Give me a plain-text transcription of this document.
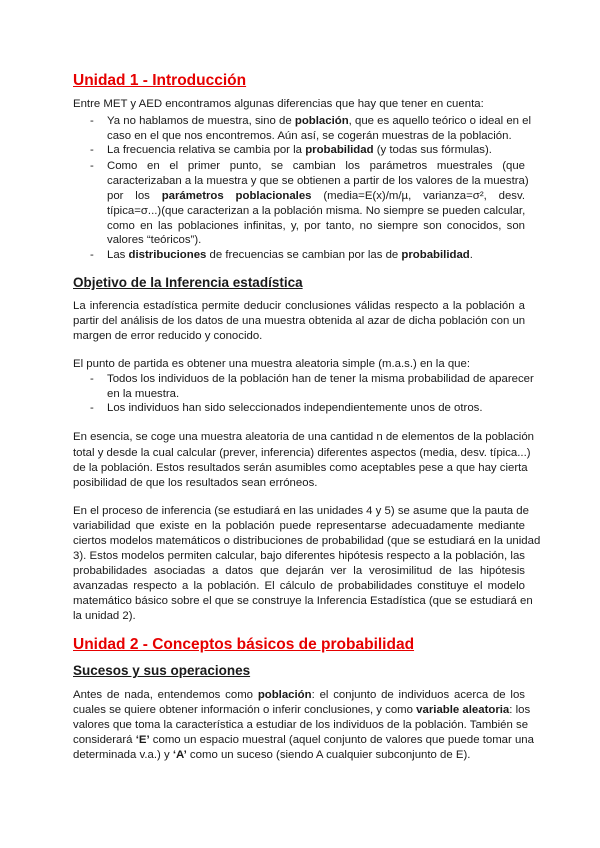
Unidad 1 - Introducción
Entre MET y AED encontramos algunas diferencias que hay que tener en cuenta:
- Ya no hablamos de muestra, sino de población, que es aquello teórico o ideal en el
caso en el que nos encontremos. Aún así, se cogerán muestras de la población.
- La frecuencia relativa se cambia por la probabilidad (y todas sus fórmulas).
- Como en el primer punto, se cambian los parámetros muestrales (que
caracterizaban a la muestra y que se obtienen a partir de los valores de la muestra)
por los parámetros poblacionales (media=E(x)/m/µ, varianza=σ², desv.
típica=σ...)(que caracterizan a la población misma. No siempre se pueden calcular,
como en las poblaciones infinitas, y, por tanto, no siempre son conocidos, son
valores “teóricos”).
- Las distribuciones de frecuencias se cambian por las de probabilidad.
Objetivo de la Inferencia estadística
La inferencia estadística permite deducir conclusiones válidas respecto a la población a
partir del análisis de los datos de una muestra obtenida al azar de dicha población con un
margen de error reducido y conocido.
El punto de partida es obtener una muestra aleatoria simple (m.a.s.) en la que:
- Todos los individuos de la población han de tener la misma probabilidad de aparecer
en la muestra.
- Los individuos han sido seleccionados independientemente unos de otros.
En esencia, se coge una muestra aleatoria de una cantidad n de elementos de la población
total y desde la cual calcular (prever, inferencia) diferentes aspectos (media, desv. típica...)
de la población. Estos resultados serán asumibles como aceptables pese a que hay cierta
posibilidad de que los resultados sean erróneos.
En el proceso de inferencia (se estudiará en las unidades 4 y 5) se asume que la pauta de
variabilidad que existe en la población puede representarse adecuadamente mediante
ciertos modelos matemáticos o distribuciones de probabilidad (que se estudiará en la unidad
3). Estos modelos permiten calcular, bajo diferentes hipótesis respecto a la población, las
probabilidades asociadas a datos que dejarán ver la verosimilitud de las hipótesis
avanzadas respecto a la población. El cálculo de probabilidades constituye el modelo
matemático básico sobre el que se construye la Inferencia Estadística (que se estudiará en
la unidad 2).
Unidad 2 - Conceptos básicos de probabilidad
Sucesos y sus operaciones
Antes de nada, entendemos como población: el conjunto de individuos acerca de los
cuales se quiere obtener información o inferir conclusiones, y como variable aleatoria: los
valores que toma la característica a estudiar de los individuos de la población. También se
considerará ‘E’ como un espacio muestral (aquel conjunto de valores que puede tomar una
determinada v.a.) y ‘A’ como un suceso (siendo A cualquier subconjunto de E).
